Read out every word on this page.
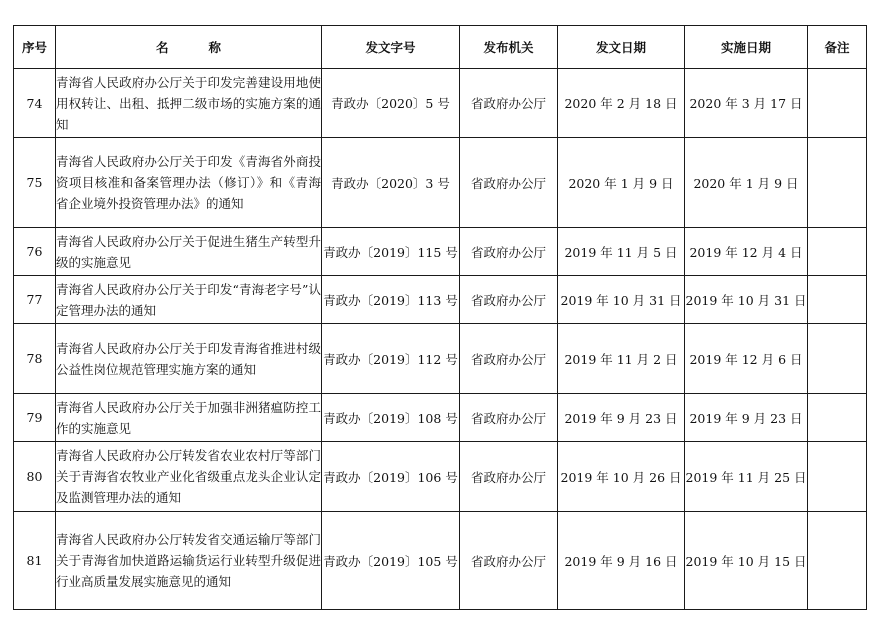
序号	名称	发文字号	发布机关	发文日期	实施日期	备注
74	青海省人民政府办公厅关于印发完善建设用地使用权转让、出租、抵押二级市场的实施方案的通知	青政办〔2020〕5 号	省政府办公厅	2020 年 2 月 18 日	2020 年 3 月 17 日	
75	青海省人民政府办公厅关于印发《青海省外商投资项目核准和备案管理办法（修订）》和《青海省企业境外投资管理办法》的通知	青政办〔2020〕3 号	省政府办公厅	2020 年 1 月 9 日	2020 年 1 月 9 日	
76	青海省人民政府办公厅关于促进生猪生产转型升级的实施意见	青政办〔2019〕115 号	省政府办公厅	2019 年 11 月 5 日	2019 年 12 月 4 日	
77	青海省人民政府办公厅关于印发“青海老字号”认定管理办法的通知	青政办〔2019〕113 号	省政府办公厅	2019 年 10 月 31 日	2019 年 10 月 31 日	
78	青海省人民政府办公厅关于印发青海省推进村级公益性岗位规范管理实施方案的通知	青政办〔2019〕112 号	省政府办公厅	2019 年 11 月 2 日	2019 年 12 月 6 日	
79	青海省人民政府办公厅关于加强非洲猪瘟防控工作的实施意见	青政办〔2019〕108 号	省政府办公厅	2019 年 9 月 23 日	2019 年 9 月 23 日	
80	青海省人民政府办公厅转发省农业农村厅等部门关于青海省农牧业产业化省级重点龙头企业认定及监测管理办法的通知	青政办〔2019〕106 号	省政府办公厅	2019 年 10 月 26 日	2019 年 11 月 25 日	
81	青海省人民政府办公厅转发省交通运输厅等部门关于青海省加快道路运输货运行业转型升级促进行业高质量发展实施意见的通知	青政办〔2019〕105 号	省政府办公厅	2019 年 9 月 16 日	2019 年 10 月 15 日	
